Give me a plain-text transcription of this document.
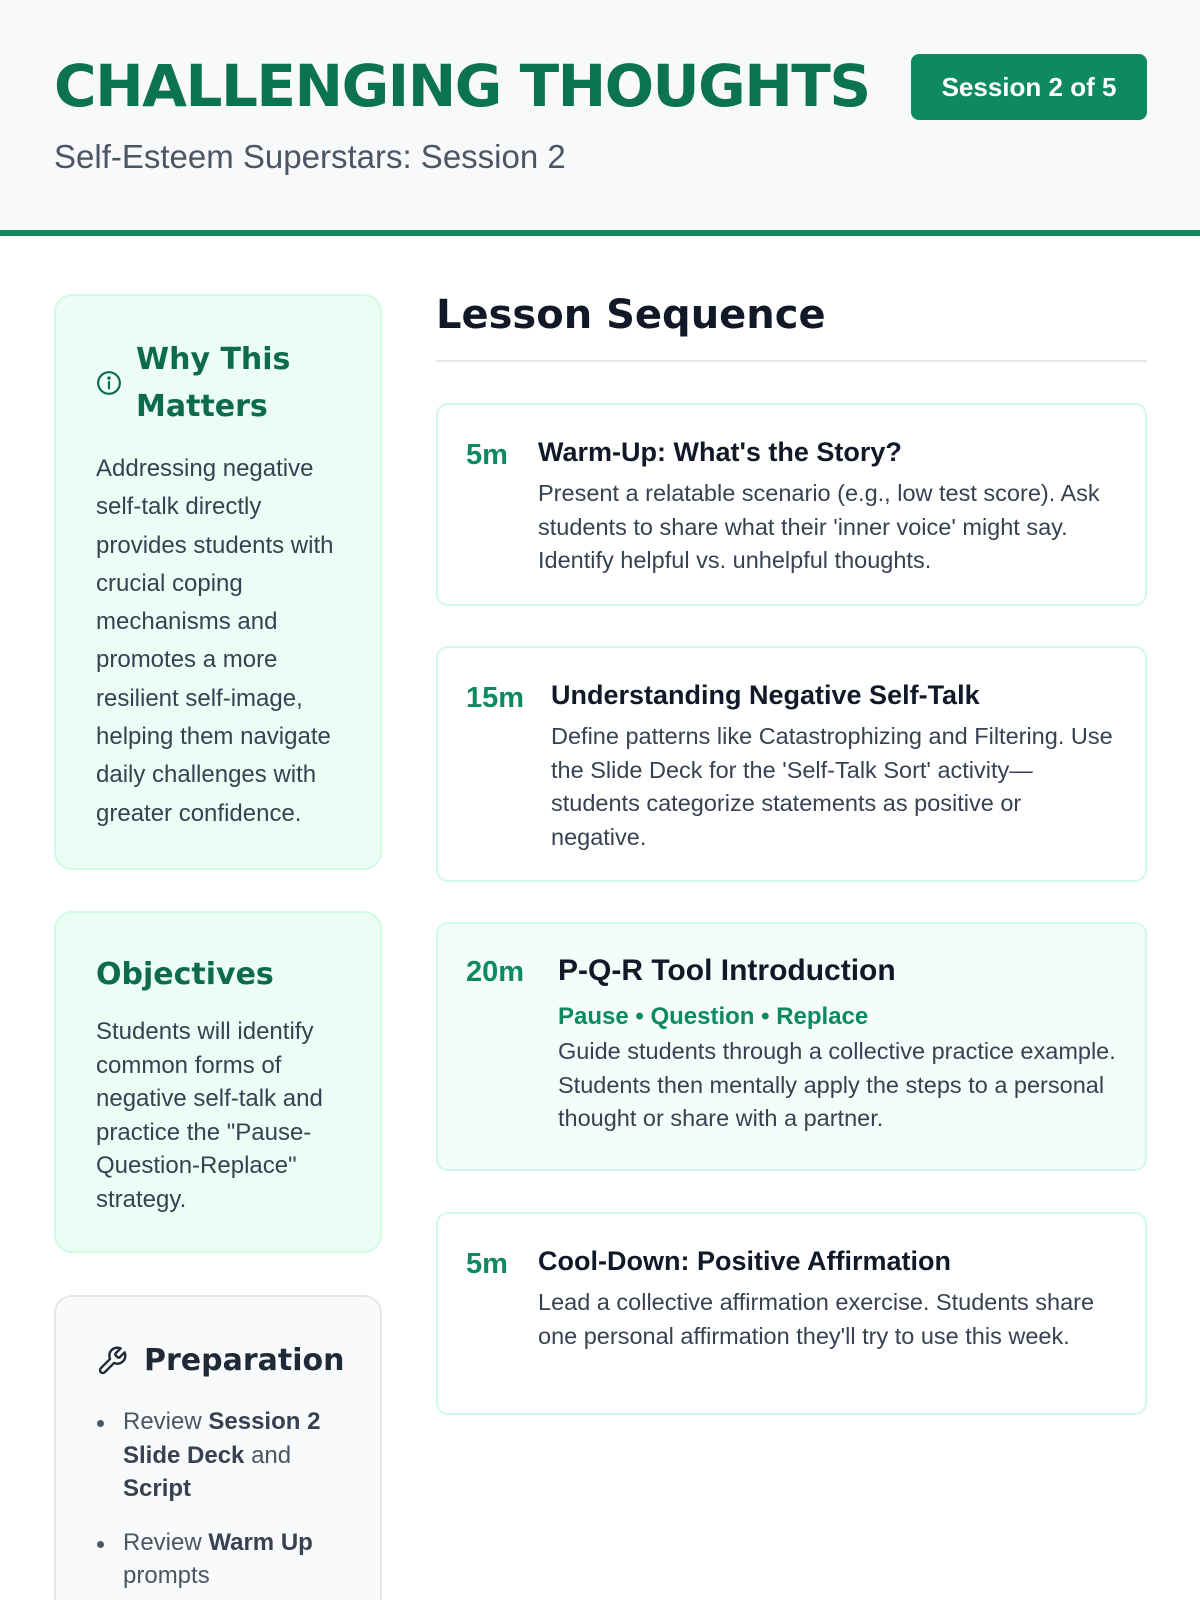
CHALLENGING THOUGHTS
Self-Esteem Superstars: Session 2
Session 2 of 5
Why This Matters
Addressing negative self-talk directly provides students with crucial coping mechanisms and promotes a more resilient self-image, helping them navigate daily challenges with greater confidence.
Objectives
Students will identify common forms of negative self-talk and practice the "Pause-Question-Replace" strategy.
Preparation
Review Session 2 Slide Deck and Script
Review Warm Up prompts
Lesson Sequence
5m Warm-Up: What's the Story?
Present a relatable scenario (e.g., low test score). Ask students to share what their 'inner voice' might say. Identify helpful vs. unhelpful thoughts.
15m Understanding Negative Self-Talk
Define patterns like Catastrophizing and Filtering. Use the Slide Deck for the 'Self-Talk Sort' activity—students categorize statements as positive or negative.
20m P-Q-R Tool Introduction
Pause • Question • Replace
Guide students through a collective practice example. Students then mentally apply the steps to a personal thought or share with a partner.
5m Cool-Down: Positive Affirmation
Lead a collective affirmation exercise. Students share one personal affirmation they'll try to use this week.
